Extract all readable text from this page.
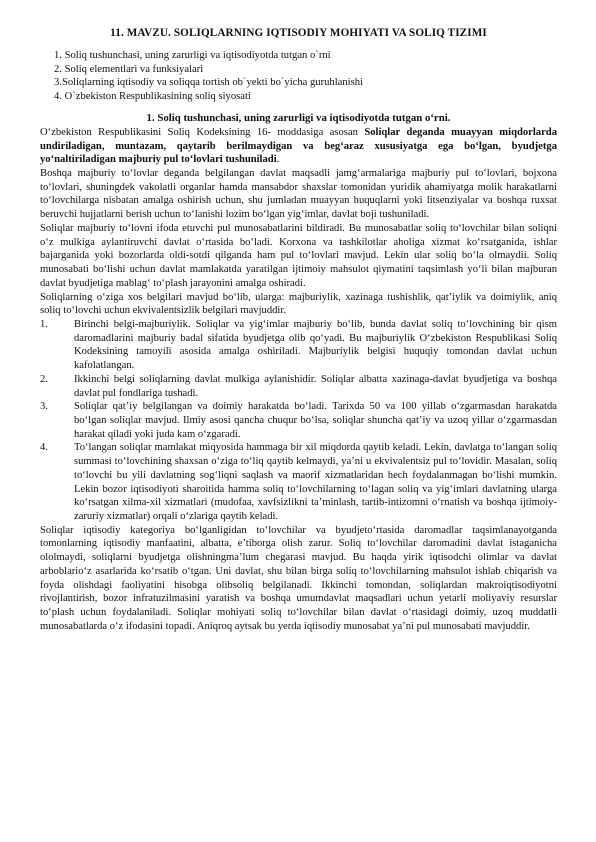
11. MAVZU. SOLIQLARNING IQTISODIY MOHIYATI VA SOLIQ TIZIMI
1. Soliq tushunchasi, uning zarurligi va iqtisodiyotda tutgan o`rni
2. Soliq elementlari va funksiyalari
3.Soliqlarning iqtisodiy va soliqqa tortish ob`yekti bo`yicha guruhlanishi
4. O`zbekiston Respublikasining soliq siyosati
1. Soliq tushunchasi, uning zarurligi va iqtisodiyotda tutgan o‘rni.

O‘zbekiston Respublikasini Soliq Kodeksining 16- moddasiga asosan Soliqlar deganda muayyan miqdorlarda undiriladigan, muntazam, qaytarib berilmaydigan va beg‘araz xususiyatga ega bo‘lgan, byudjetga yo‘naltiriladigan majburiy pul to‘lovlari tushuniladi.

Boshqa majburiy to‘lovlar deganda belgilangan davlat maqsadli jamg‘armalariga majburiy pul to‘lovlari, bojxona to‘lovlari, shuningdek vakolatli organlar hamda mansabdor shaxslar tomonidan yuridik ahamiyatga molik harakatlarni to‘lovchilarga nisbatan amalga oshirish uchun, shu jumladan muayyan huquqlarni yoki litsenziyalar va boshqa ruxsat beruvchi hujjatlarni berish uchun to‘lanishi lozim bo‘lgan yig‘imlar, davlat boji tushuniladi.

Soliqlar majburiy to‘lovni ifoda etuvchi pul munosabatlarini bildiradi. Bu munosabatlar soliq to‘lovchilar bilan soliqni o‘z mulkiga aylantiruvchi davlat o‘rtasida bo‘ladi. Korxona va tashkilotlar aholiga xizmat ko‘rsatganida, ishlar bajarganida yoki bozorlarda oldi-sotdi qilganda ham pul to‘lovlari mavjud. Lekin ular soliq bo‘la olmaydii. Soliq munosabati bo‘lishi uchun davlat mamlakatda yaratilgan ijtimoiy mahsulot qiymatini taqsimlash yo‘li bilan majburan davlat byudjetiga mablag‘ to‘plash jarayonini amalga oshiradi.

Soliqlarning o‘ziga xos belgilari mavjud bo‘lib, ularga: majburiylik, xazinaga tushishlik, qat’iylik va doimiylik, aniq soliq to‘lovchi uchun ekvivalentsizlik belgilari mavjuddir.

1.	Birinchi belgi-majburiylik. Soliqlar va yig‘imlar majburiy bo‘lib, bunda davlat soliq to‘lovchining bir qism daromadlarini majburiy badal sifatida byudjetga olib qo‘yadi. Bu majburiylik O‘zbekiston Respublikasi Soliq Kodeksining tamoyili asosida amalga oshiriladi. Majburiylik belgisi huquqiy tomondan davlat uchun kafolatlangan.

2.	Ikkinchi belgi soliqlarning davlat mulkiga aylanishidir. Soliqlar albatta xazinaga-davlat byudjetiga va boshqa davlat pul fondlariga tushadi.

3.	Soliqlar qat’iy belgilangan va doimiy harakatda bo‘ladi. Tarixda 50 va 100 yillab o‘zgarmasdan harakatda bo‘lgan soliqlar mavjud. Ilmiy asosi qancha chuqur bo‘lsa, soliqlar shuncha qat’iy va uzoq yillar o‘zgarmasdan harakat qiladi yoki juda kam o‘zgaradi.

4.	To‘langan soliqlar mamlakat miqyosida hammaga bir xil miqdorda qaytib keladi. Lekin, davlatga to‘langan soliq summasi to‘lovchining shaxsan o‘ziga to‘liq qaytib kelmaydi, ya’ni u ekvivalentsiz pul to‘lovidir. Masalan, soliq to‘lovchi bu yili davlatning sog‘liqni saqlash va maorif xizmatlaridan hech foydalanmagan bo‘lishi mumkin. Lekin bozor iqtisodiyoti sharoitida hamma soliq to‘lovchilarning to‘lagan soliq va yig‘imlari davlatning ularga ko‘rsatgan xilma-xil xizmatlari (mudofaa, xavfsizlikni ta’minlash, tartib-intizomni o‘rnatish va boshqa ijtimoiy-zaruriy xizmatlar) orqali o‘zlariga qaytib keladi.

Soliqlar iqtisodiy kategoriya bo‘lganligidan to‘lovchilar va byudjeto‘rtasida daromadlar taqsimlanayotganda tomonlarning iqtisodiy manfaatini, albatta, e’tiborga olish zarur. Soliq to‘lovchilar daromadini davlat istaganicha ololmaydi, soliqlarni byudjetga olishningma’lum chegarasi mavjud. Bu haqda yirik iqtisodchi olimlar va davlat arboblario‘z asarlarida ko‘rsatib o‘tgan. Uni davlat, shu bilan birga soliq to‘lovchilarning mahsulot ishlab chiqarish va foyda olishdagi faoliyatini hisobga olibsoliq belgilanadi. Ikkinchi tomondan, soliqlardan makroiqtisodiyotni rivojlantirish, bozor infratuzilmasini yaratish va boshqa umumdavlat maqsadlari uchun yetarli moliyaviy resurslar to‘plash uchun foydalaniladi. Soliqlar mohiyati soliq to‘lovchilar bilan davlat o‘rtasidagi doimiy, uzoq muddatli munosabatlarda o‘z ifodasini topadi. Aniqroq aytsak bu yerda iqtisodiy munosabat ya’ni pul munosabati mavjuddir.
